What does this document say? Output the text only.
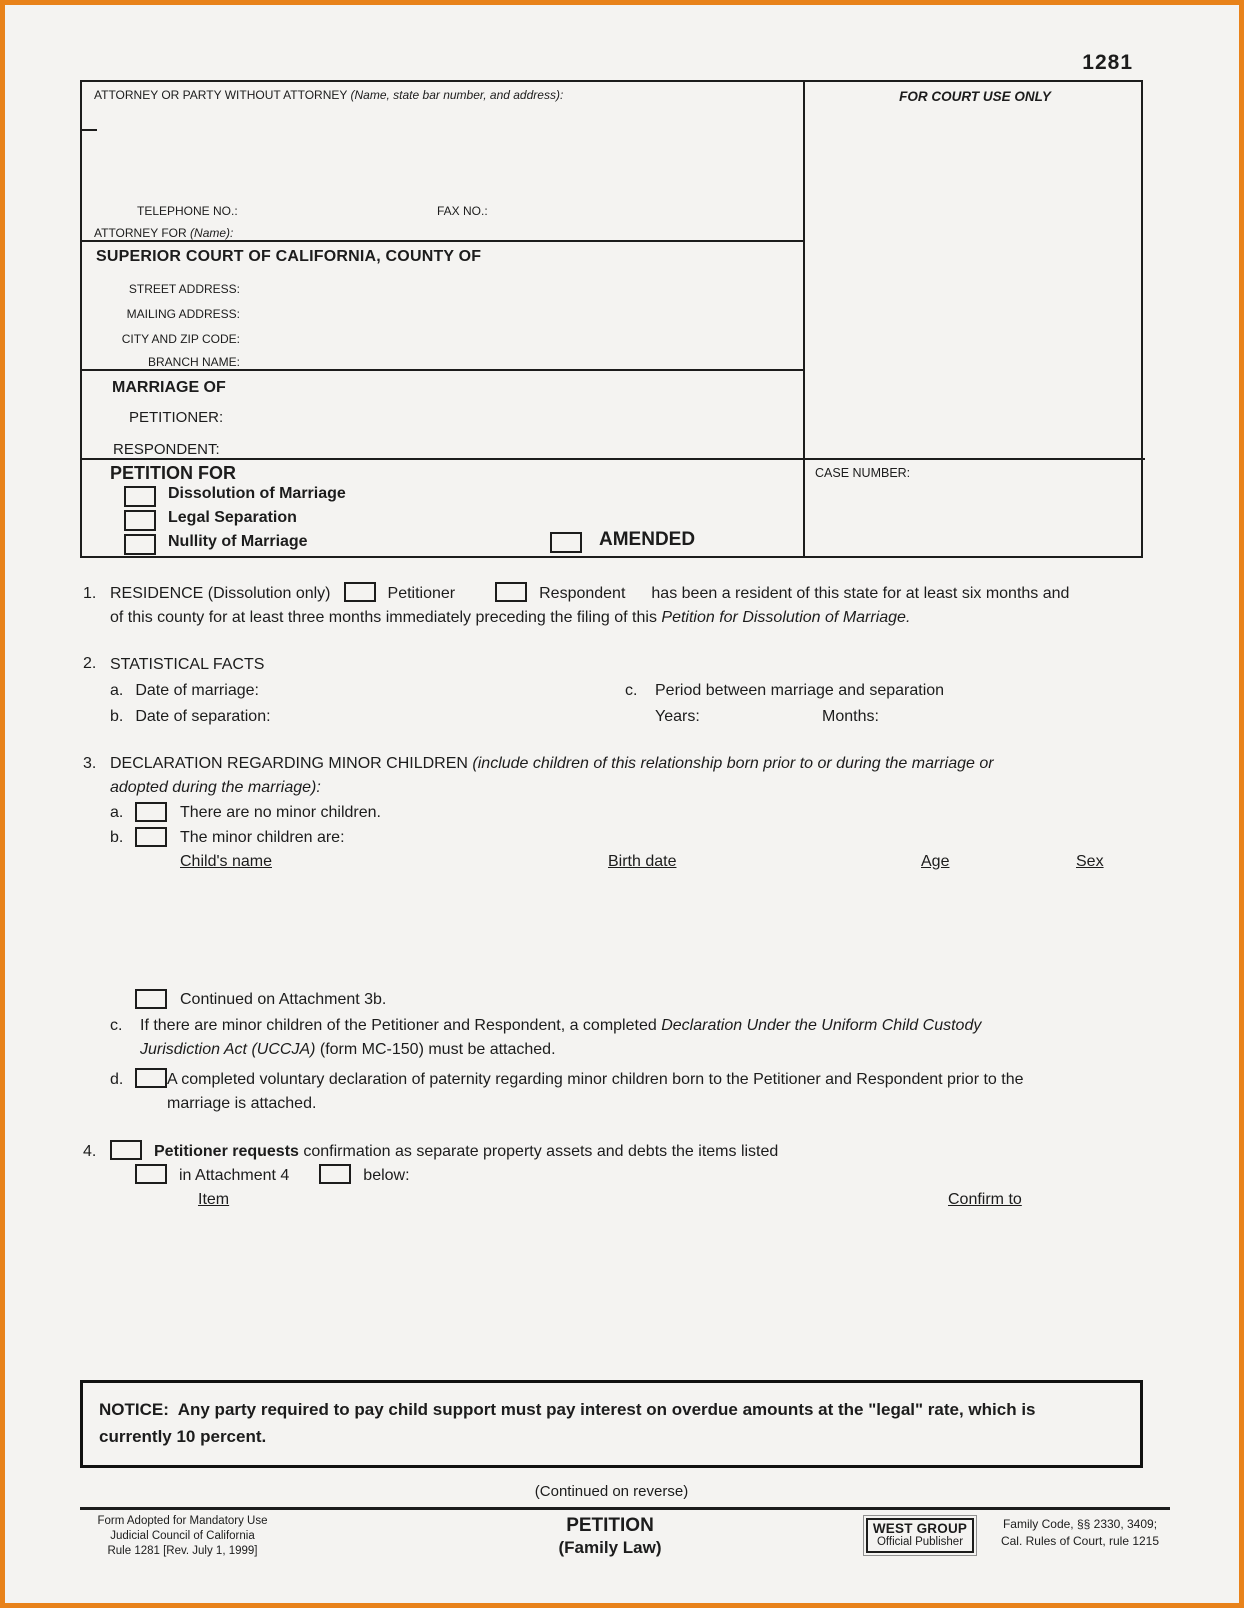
1281
ATTORNEY OR PARTY WITHOUT ATTORNEY (Name, state bar number, and address):
TELEPHONE NO.:	FAX NO.:
ATTORNEY FOR (Name):
SUPERIOR COURT OF CALIFORNIA, COUNTY OF
STREET ADDRESS:
MAILING ADDRESS:
CITY AND ZIP CODE:
BRANCH NAME:
MARRIAGE OF
PETITIONER:
RESPONDENT:
PETITION FOR
Dissolution of Marriage
Legal Separation
Nullity of Marriage	AMENDED
FOR COURT USE ONLY
CASE NUMBER:
1. RESIDENCE (Dissolution only)	Petitioner	Respondent has been a resident of this state for at least six months and
of this county for at least three months immediately preceding the filing of this Petition for Dissolution of Marriage.
2. STATISTICAL FACTS
a. Date of marriage:	c. Period between marriage and separation
b. Date of separation:	Years:	Months:
3. DECLARATION REGARDING MINOR CHILDREN (include children of this relationship born prior to or during the marriage or
adopted during the marriage):
a.	There are no minor children.
b.	The minor children are:
Child's name	Birth date	Age	Sex
Continued on Attachment 3b.
c.	If there are minor children of the Petitioner and Respondent, a completed Declaration Under the Uniform Child Custody
Jurisdiction Act (UCCJA) (form MC-150) must be attached.
d.	A completed voluntary declaration of paternity regarding minor children born to the Petitioner and Respondent prior to the
marriage is attached.
4.	Petitioner requests confirmation as separate property assets and debts the items listed
in Attachment 4	below:
Item	Confirm to
NOTICE: Any party required to pay child support must pay interest on overdue amounts at the "legal" rate, which is
currently 10 percent.
(Continued on reverse)
Form Adopted for Mandatory Use
Judicial Council of California
Rule 1281 [Rev. July 1, 1999]
PETITION
(Family Law)
WEST GROUP
Official Publisher
Family Code, §§ 2330, 3409;
Cal. Rules of Court, rule 1215
